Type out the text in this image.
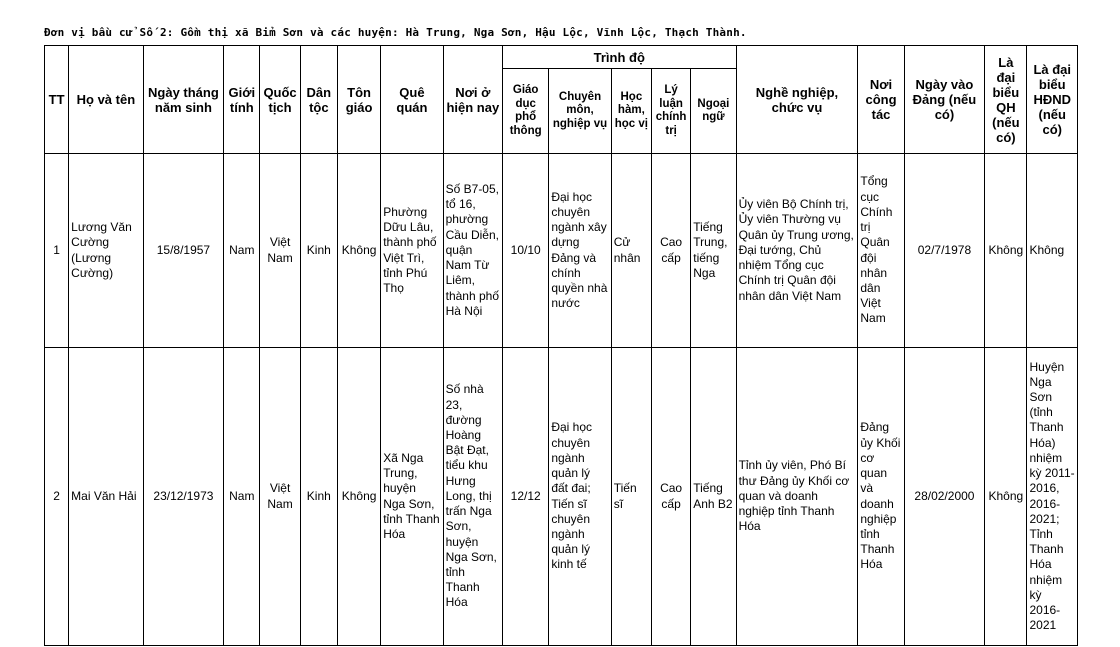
Đơn vị bầu cử Số 2: Gồm thị xã Bỉm Sơn và các huyện: Hà Trung, Nga Sơn, Hậu Lộc, Vĩnh Lộc, Thạch Thành.
TT	Họ và tên	Ngày tháng năm sinh	Giới tính	Quốc tịch	Dân tộc	Tôn giáo	Quê quán	Nơi ở hiện nay	Trình độ					Nghề nghiệp, chức vụ	Nơi công tác	Ngày vào Đảng (nếu có)	Là đại biểu QH (nếu có)	Là đại biểu HĐND (nếu có)
									Giáo dục phổ thông	Chuyên môn, nghiệp vụ	Học hàm, học vị	Lý luận chính trị	Ngoại ngữ					
1	Lương Văn Cường (Lương Cường)	15/8/1957	Nam	Việt Nam	Kinh	Không	Phường Dữu Lâu, thành phố Việt Trì, tỉnh Phú Thọ	Số B7-05, tổ 16, phường Cầu Diễn, quận Nam Từ Liêm, thành phố Hà Nội	10/10	Đại học chuyên ngành xây dựng Đảng và chính quyền nhà nước	Cử nhân	Cao cấp	Tiếng Trung, tiếng Nga	Ủy viên Bộ Chính trị, Ủy viên Thường vụ Quân ủy Trung ương, Đại tướng, Chủ nhiệm Tổng cục Chính trị Quân đội nhân dân Việt Nam	Tổng cục Chính trị Quân đội nhân dân Việt Nam	02/7/1978	Không	Không
2	Mai Văn Hải	23/12/1973	Nam	Việt Nam	Kinh	Không	Xã Nga Trung, huyện Nga Sơn, tỉnh Thanh Hóa	Số nhà 23, đường Hoàng Bật Đạt, tiểu khu Hưng Long, thị trấn Nga Sơn, huyện Nga Sơn, tỉnh Thanh Hóa	12/12	Đại học chuyên ngành quản lý đất đai; Tiến sĩ chuyên ngành quản lý kinh tế	Tiến sĩ	Cao cấp	Tiếng Anh B2	Tỉnh ủy viên, Phó Bí thư Đảng ủy Khối cơ quan và doanh nghiệp tỉnh Thanh Hóa	Đảng ủy Khối cơ quan và doanh nghiệp tỉnh Thanh Hóa	28/02/2000	Không	Huyện Nga Sơn (tỉnh Thanh Hóa) nhiệm kỳ 2011-2016, 2016-2021; Tỉnh Thanh Hóa nhiệm kỳ 2016-2021
